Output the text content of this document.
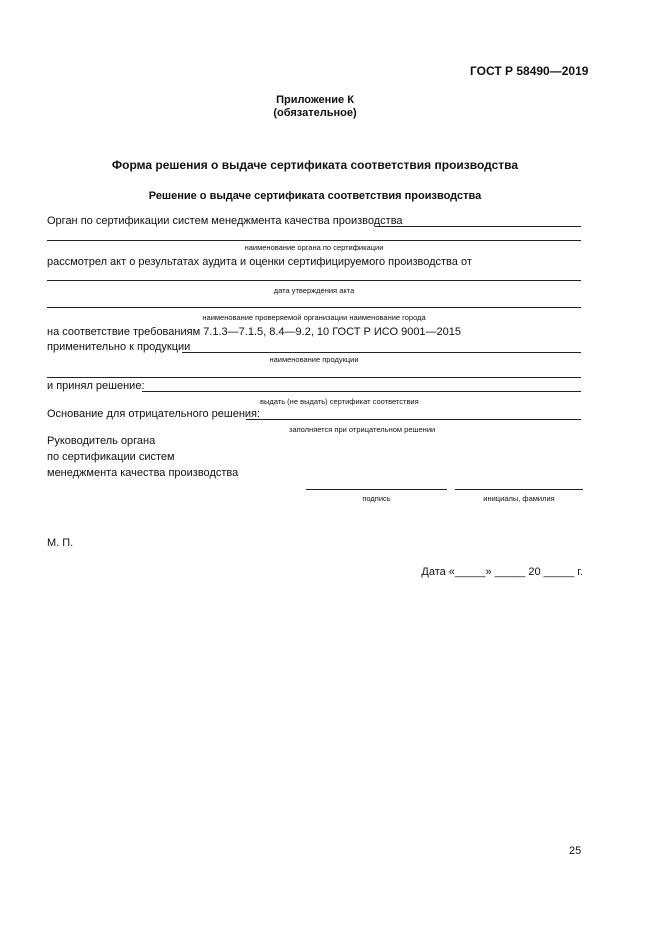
ГОСТ Р 58490—2019
Приложение К
(обязательное)
Форма решения о выдаче сертификата соответствия производства
Решение о выдаче сертификата соответствия производства
Орган по сертификации систем менеджмента качества производства
наименование органа по сертификации
рассмотрел акт о результатах аудита и оценки сертифицируемого производства от
дата утверждения акта
наименование проверяемой организации наименование города
на соответствие требованиям 7.1.3—7.1.5, 8.4—9.2, 10 ГОСТ Р ИСО 9001—2015
применительно к продукции
наименование продукции
и принял решение:
выдать (не выдать) сертификат соответствия
Основание для отрицательного решения:
заполняется при отрицательном решении
Руководитель органа
по сертификации систем
менеджмента качества производства
подпись	инициалы, фамилия
М. П.
Дата «_____» _____ 20 _____ г.
25
